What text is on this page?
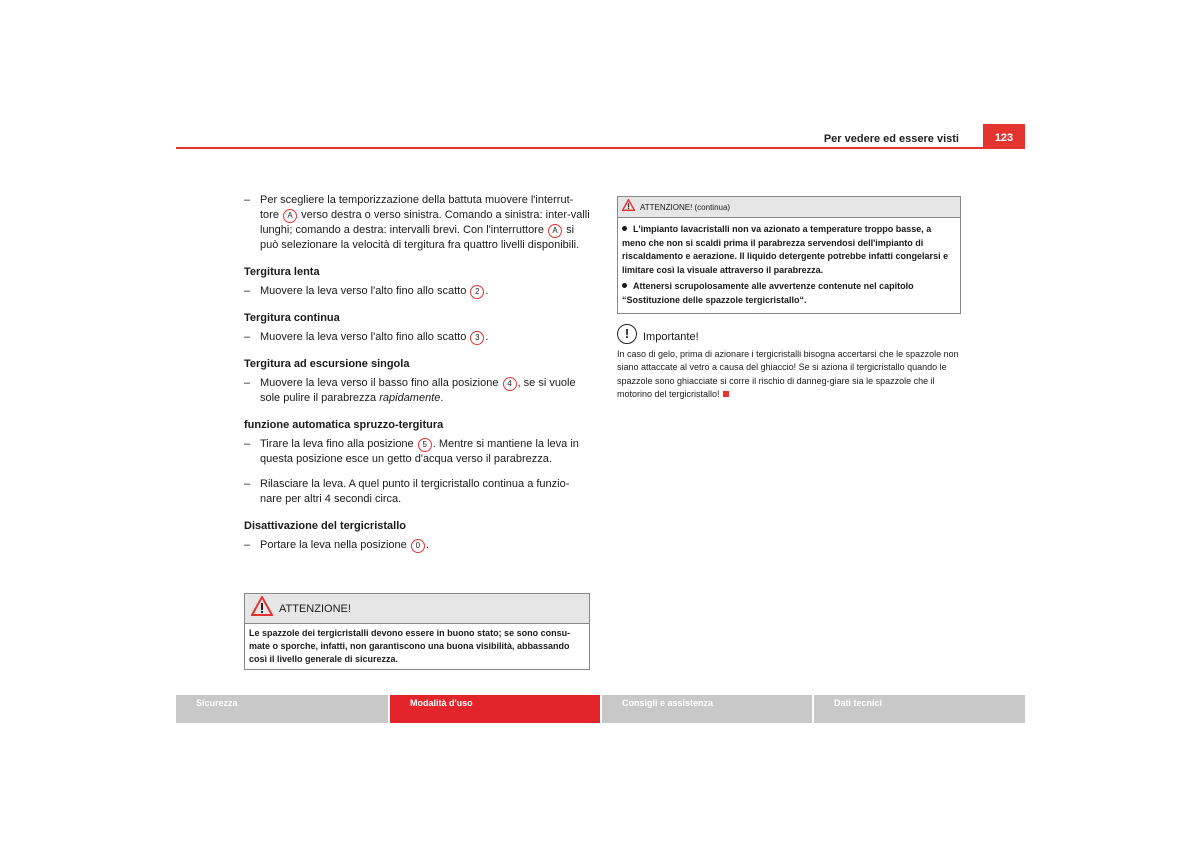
Per vedere ed essere visti	123
– Per scegliere la temporizzazione della battuta muovere l'interrut-tore A verso destra o verso sinistra. Comando a sinistra: inter-valli lunghi; comando a destra: intervalli brevi. Con l'interruttore A si può selezionare la velocità di tergitura fra quattro livelli disponibili.
Tergitura lenta
– Muovere la leva verso l'alto fino allo scatto 2 .
Tergitura continua
– Muovere la leva verso l'alto fino allo scatto 3 .
Tergitura ad escursione singola
– Muovere la leva verso il basso fino alla posizione 4 , se si vuole sole pulire il parabrezza rapidamente.
funzione automatica spruzzo-tergitura
– Tirare la leva fino alla posizione 5 . Mentre si mantiene la leva in questa posizione esce un getto d'acqua verso il parabrezza.
– Rilasciare la leva. A quel punto il tergicristallo continua a funzio-nare per altri 4 secondi circa.
Disattivazione del tergicristallo
– Portare la leva nella posizione 0 .
ATTENZIONE!
Le spazzole dei tergicristalli devono essere in buono stato; se sono consu-mate o sporche, infatti, non garantiscono una buona visibilità, abbassando così il livello generale di sicurezza.
ATTENZIONE! (continua)
L'impianto lavacristalli non va azionato a temperature troppo basse, a meno che non si scaldi prima il parabrezza servendosi dell'impianto di riscaldamento e aerazione. Il liquido detergente potrebbe infatti congelarsi e limitare così la visuale attraverso il parabrezza.
Attenersi scrupolosamente alle avvertenze contenute nel capitolo “Sostituzione delle spazzole tergicristallo“.
!	Importante!
In caso di gelo, prima di azionare i tergicristalli bisogna accertarsi che le spazzole non siano attaccate al vetro a causa del ghiaccio! Se si aziona il tergicristallo quando le spazzole sono ghiacciate si corre il rischio di danneg-giare sia le spazzole che il motorino del tergicristallo!
Sicurezza	Modalità d'uso	Consigli e assistenza	Dati tecnici
